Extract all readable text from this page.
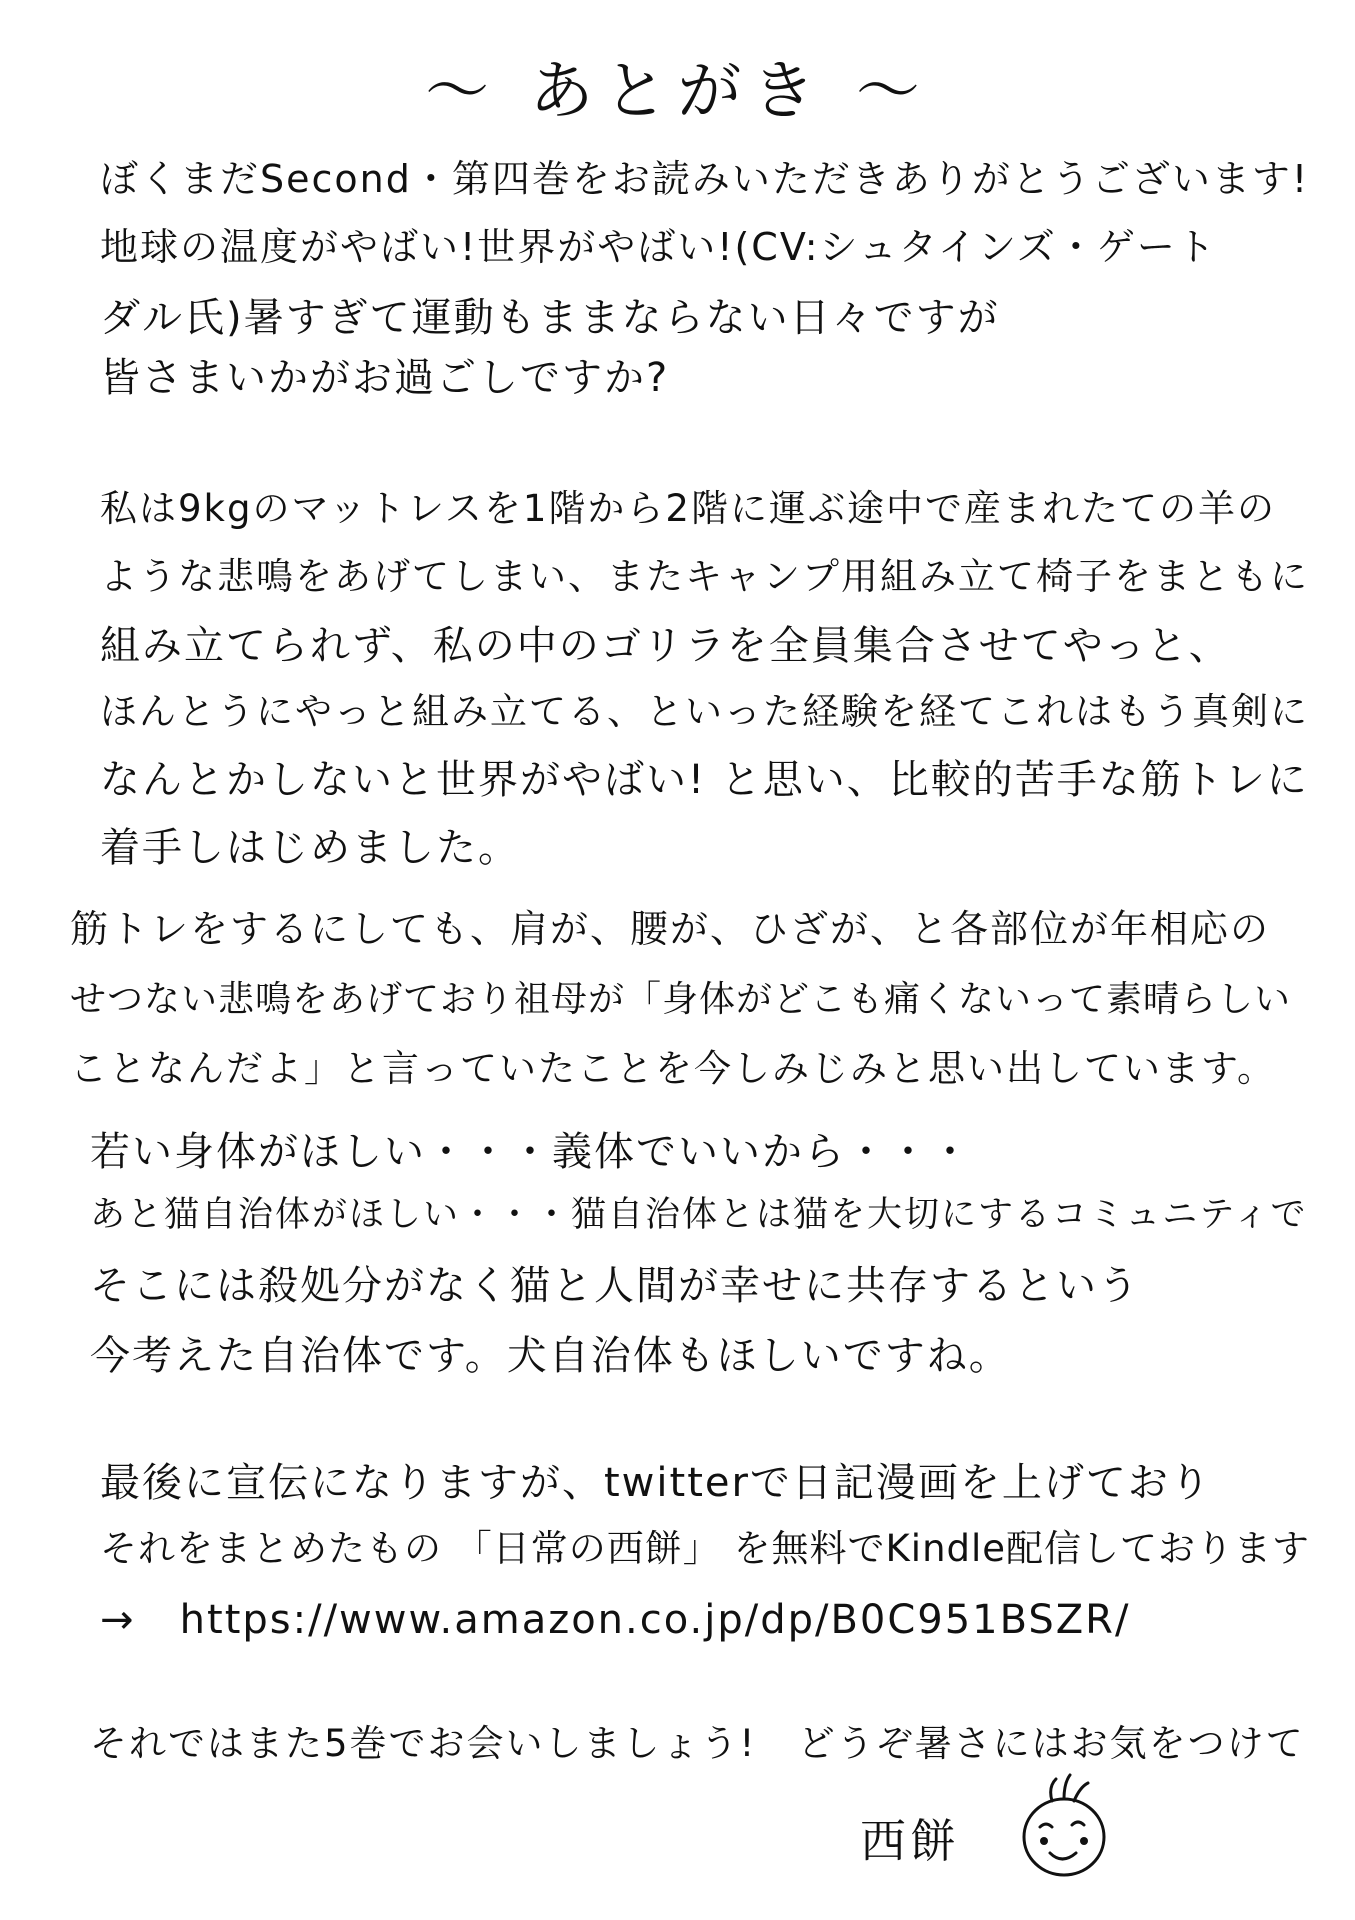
〜 あとがき 〜
ぼくまだSecond・第四巻をお読みいただきありがとうございます!
地球の温度がやばい!世界がやばい!(CV:シュタインズ・ゲート
ダル氏)暑すぎて運動もままならない日々ですが
皆さまいかがお過ごしですか?
私は9kgのマットレスを1階から2階に運ぶ途中で産まれたての羊の
ような悲鳴をあげてしまい、またキャンプ用組み立て椅子をまともに
組み立てられず、私の中のゴリラを全員集合させてやっと、
ほんとうにやっと組み立てる、といった経験を経てこれはもう真剣に
なんとかしないと世界がやばい! と思い、比較的苦手な筋トレに
着手しはじめました。
筋トレをするにしても、肩が、腰が、ひざが、と各部位が年相応の
せつない悲鳴をあげており祖母が「身体がどこも痛くないって素晴らしい
ことなんだよ」と言っていたことを今しみじみと思い出しています。
若い身体がほしい・・・義体でいいから・・・
あと猫自治体がほしい・・・猫自治体とは猫を大切にするコミュニティで
そこには殺処分がなく猫と人間が幸せに共存するという
今考えた自治体です。犬自治体もほしいですね。
最後に宣伝になりますが、twitterで日記漫画を上げており
それをまとめたもの 「日常の西餅」 を無料でKindle配信しております
→   https://www.amazon.co.jp/dp/B0C951BSZR/
それではまた5巻でお会いしましょう!   どうぞ暑さにはお気をつけて
西餅
